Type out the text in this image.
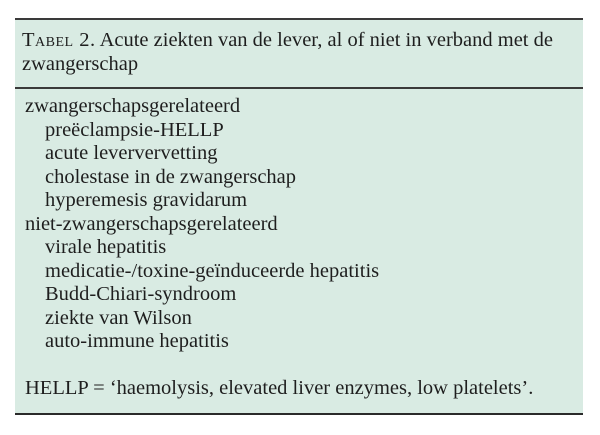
Tabel 2. Acute ziekten van de lever, al of niet in verband met de zwangerschap
zwangerschapsgerelateerd
preëclampsie-HELLP
acute leververvetting
cholestase in de zwangerschap
hyperemesis gravidarum
niet-zwangerschapsgerelateerd
virale hepatitis
medicatie-/toxine-geïnduceerde hepatitis
Budd-Chiari-syndroom
ziekte van Wilson
auto-immune hepatitis
HELLP = ‘haemolysis, elevated liver enzymes, low platelets’.
